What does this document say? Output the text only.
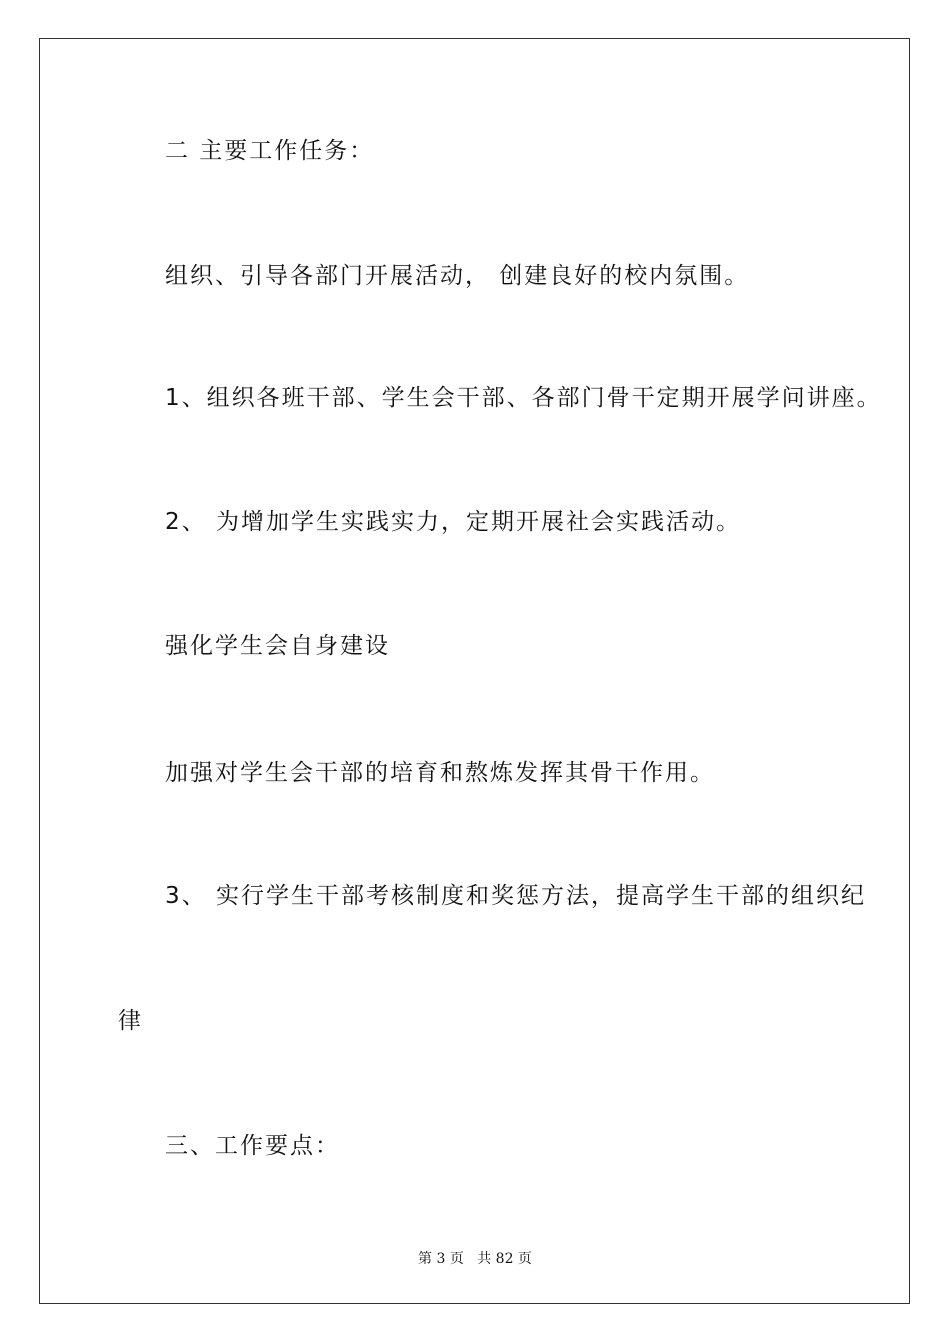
二 主要工作任务：
组织、引导各部门开展活动， 创建良好的校内氛围。
1、组织各班干部、学生会干部、各部门骨干定期开展学问讲座。
2、 为增加学生实践实力，定期开展社会实践活动。
强化学生会自身建设
加强对学生会干部的培育和熬炼发挥其骨干作用。
3、 实行学生干部考核制度和奖惩方法，提高学生干部的组织纪
律
三、工作要点：
第 3 页 共 82 页
